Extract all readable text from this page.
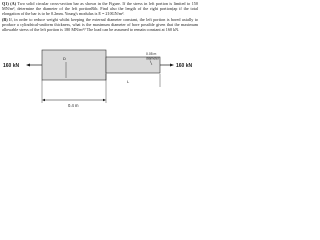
Q1) (A) Two solid circular cross-section bar as shown in the Figure. If the stress in left portion is limited to 150 MN/m², determine the diameter of the left portionRib. Find also the length of the right portion(ap if the total elongation of the bar is to be 0.2mm. Young's modulus is E = 210GN/m².

(B) If, in order to reduce weight whilst keeping the external diameter constant, the left portion is bored axially to produce a cylindrical-uniform thickness, what is the maximum diameter of bore possible given that the maximum allowable stress of the left portion is 180 MN/m²? The load can be assumed to remain constant at 160 kN.

160 kN	160 kN
0.05 m
diameter
D
L
0.4 m
